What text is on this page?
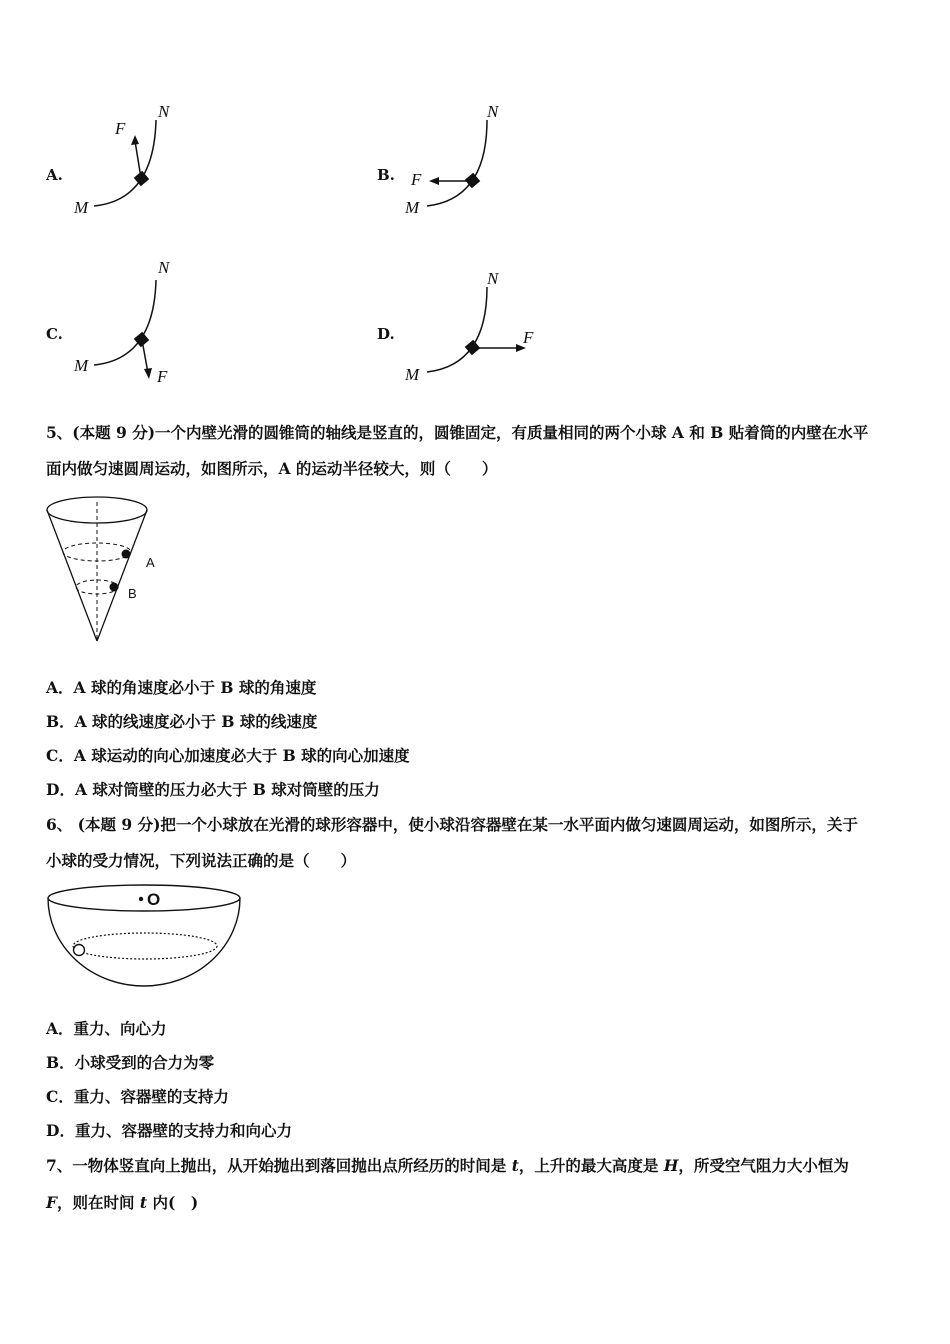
A.
F
N
M
B. F
N
M
C.
F
N
M
D.	F
N
M
5、(本题 9 分)一个内壁光滑的圆锥筒的轴线是竖直的，圆锥固定，有质量相同的两个小球 A 和 B 贴着筒的内壁在水平
面内做匀速圆周运动，如图所示，A 的运动半径较大，则（　　）
A
B
A．A 球的角速度必小于 B 球的角速度
B．A 球的线速度必小于 B 球的线速度
C．A 球运动的向心加速度必大于 B 球的向心加速度
D．A 球对筒壁的压力必大于 B 球对筒壁的压力
6、 (本题 9 分)把一个小球放在光滑的球形容器中，使小球沿容器壁在某一水平面内做匀速圆周运动，如图所示，关于
小球的受力情况，下列说法正确的是（　　）
O
A．重力、向心力
B．小球受到的合力为零
C．重力、容器壁的支持力
D．重力、容器壁的支持力和向心力
7、一物体竖直向上抛出，从开始抛出到落回抛出点所经历的时间是 t，上升的最大高度是 H，所受空气阻力大小恒为
F，则在时间 t 内(　)
